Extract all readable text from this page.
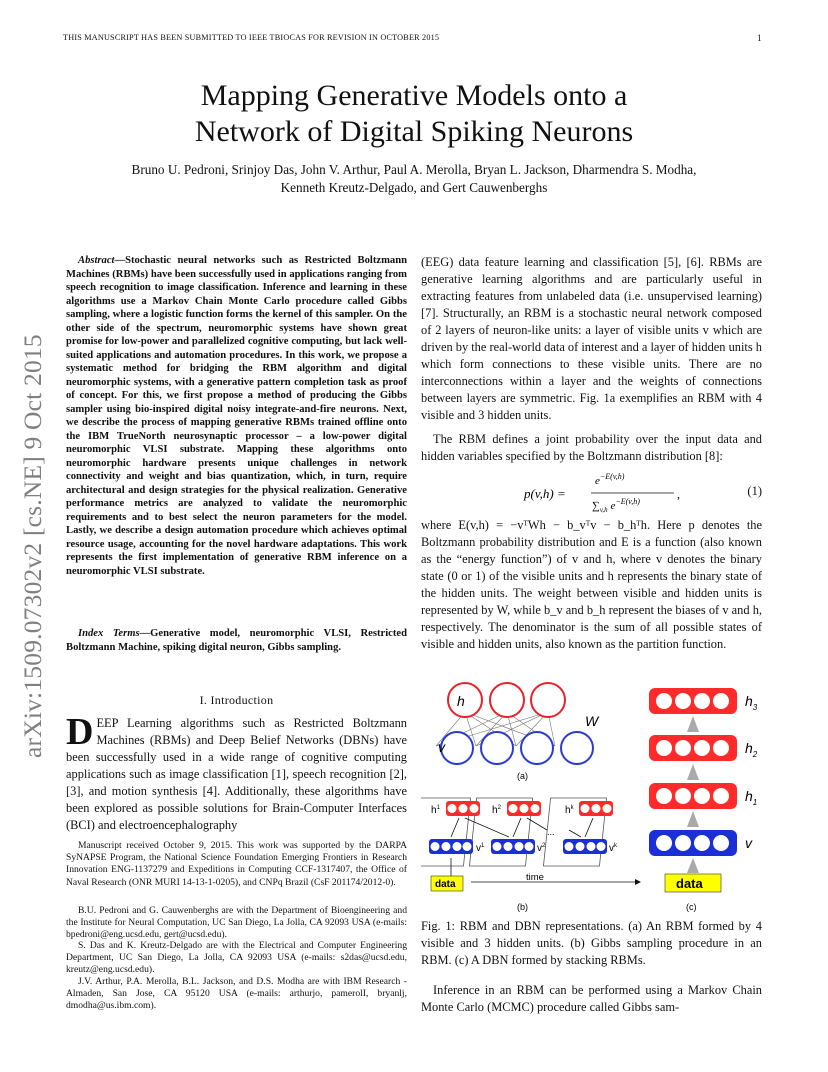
THIS MANUSCRIPT HAS BEEN SUBMITTED TO IEEE TBIOCAS FOR REVISION IN OCTOBER 2015	1
arXiv:1509.07302v2 [cs.NE] 9 Oct 2015
Mapping Generative Models onto a
Network of Digital Spiking Neurons
Bruno U. Pedroni, Srinjoy Das, John V. Arthur, Paul A. Merolla, Bryan L. Jackson, Dharmendra S. Modha,
Kenneth Kreutz-Delgado, and Gert Cauwenberghs
Abstract—Stochastic neural networks such as Restricted Boltzmann Machines (RBMs) have been successfully used in applications ranging from speech recognition to image classification. Inference and learning in these algorithms use a Markov Chain Monte Carlo procedure called Gibbs sampling, where a logistic function forms the kernel of this sampler. On the other side of the spectrum, neuromorphic systems have shown great promise for low-power and parallelized cognitive computing, but lack well-suited applications and automation procedures. In this work, we propose a systematic method for bridging the RBM algorithm and digital neuromorphic systems, with a generative pattern completion task as proof of concept. For this, we first propose a method of producing the Gibbs sampler using bio-inspired digital noisy integrate-and-fire neurons. Next, we describe the process of mapping generative RBMs trained offline onto the IBM TrueNorth neurosynaptic processor – a low-power digital neuromorphic VLSI substrate. Mapping these algorithms onto neuromorphic hardware presents unique challenges in network connectivity and weight and bias quantization, which, in turn, require architectural and design strategies for the physical realization. Generative performance metrics are analyzed to validate the neuromorphic requirements and to best select the neuron parameters for the model. Lastly, we describe a design automation procedure which achieves optimal resource usage, accounting for the novel hardware adaptations. This work represents the first implementation of generative RBM inference on a neuromorphic VLSI substrate.
Index Terms—Generative model, neuromorphic VLSI, Restricted Boltzmann Machine, spiking digital neuron, Gibbs sampling.
I. Introduction
DEEP Learning algorithms such as Restricted Boltzmann Machines (RBMs) and Deep Belief Networks (DBNs) have been successfully used in a wide range of cognitive computing applications such as image classification [1], speech recognition [2], [3], and motion synthesis [4]. Additionally, these algorithms have been explored as possible solutions for Brain-Computer Interfaces (BCI) and electroencephalography
Manuscript received October 9, 2015. This work was supported by the DARPA SyNAPSE Program, the National Science Foundation Emerging Frontiers in Research Innovation ENG-1137279 and Expeditions in Computing CCF-1317407, the Office of Naval Research (ONR MURI 14-13-1-0205), and CNPq Brazil (CsF 201174/2012-0).
B.U. Pedroni and G. Cauwenberghs are with the Department of Bioengineering and the Institute for Neural Computation, UC San Diego, La Jolla, CA 92093 USA (e-mails: bpedroni@eng.ucsd.edu, gert@ucsd.edu).
S. Das and K. Kreutz-Delgado are with the Electrical and Computer Engineering Department, UC San Diego, La Jolla, CA 92093 USA (e-mails: s2das@ucsd.edu, kreutz@eng.ucsd.edu).
J.V. Arthur, P.A. Merolla, B.L. Jackson, and D.S. Modha are with IBM Research - Almaden, San Jose, CA 95120 USA (e-mails: arthurjo, pamerolI, bryanlj, dmodha@us.ibm.com).
(EEG) data feature learning and classification [5], [6]. RBMs are generative learning algorithms and are particularly useful in extracting features from unlabeled data (i.e. unsupervised learning) [7]. Structurally, an RBM is a stochastic neural network composed of 2 layers of neuron-like units: a layer of visible units v which are driven by the real-world data of interest and a layer of hidden units h which form connections to these visible units. There are no interconnections within a layer and the weights of connections between layers are symmetric. Fig. 1a exemplifies an RBM with 4 visible and 3 hidden units.
The RBM defines a joint probability over the input data and hidden variables specified by the Boltzmann distribution [8]:
p(v,h) =
$e^{-E(v,h)}$
$\sum_{v,h}$ $e^{-E(v,h)}$
,	(1)
where E(v,h) = −vᵀWh − b_vᵀv − b_hᵀh. Here p denotes the Boltzmann probability distribution and E is a function (also known as the “energy function”) of v and h, where v denotes the binary state (0 or 1) of the visible units and h represents the binary state of the hidden units. The weight between visible and hidden units is represented by W, while b_v and b_h represent the biases of v and h, respectively. The denominator is the sum of all possible states of visible and hidden units, also known as the partition function.
h
v
W
(a)
data
time
...
$h^1$	$h^2$	$h^k$
$v^1$	$v^2$	$v^k$
(b)
data
$h_3$
$h_2$
$h_1$
v
(c)
Fig. 1: RBM and DBN representations. (a) An RBM formed by 4 visible and 3 hidden units. (b) Gibbs sampling procedure in an RBM. (c) A DBN formed by stacking RBMs.
Inference in an RBM can be performed using a Markov Chain Monte Carlo (MCMC) procedure called Gibbs sam-
